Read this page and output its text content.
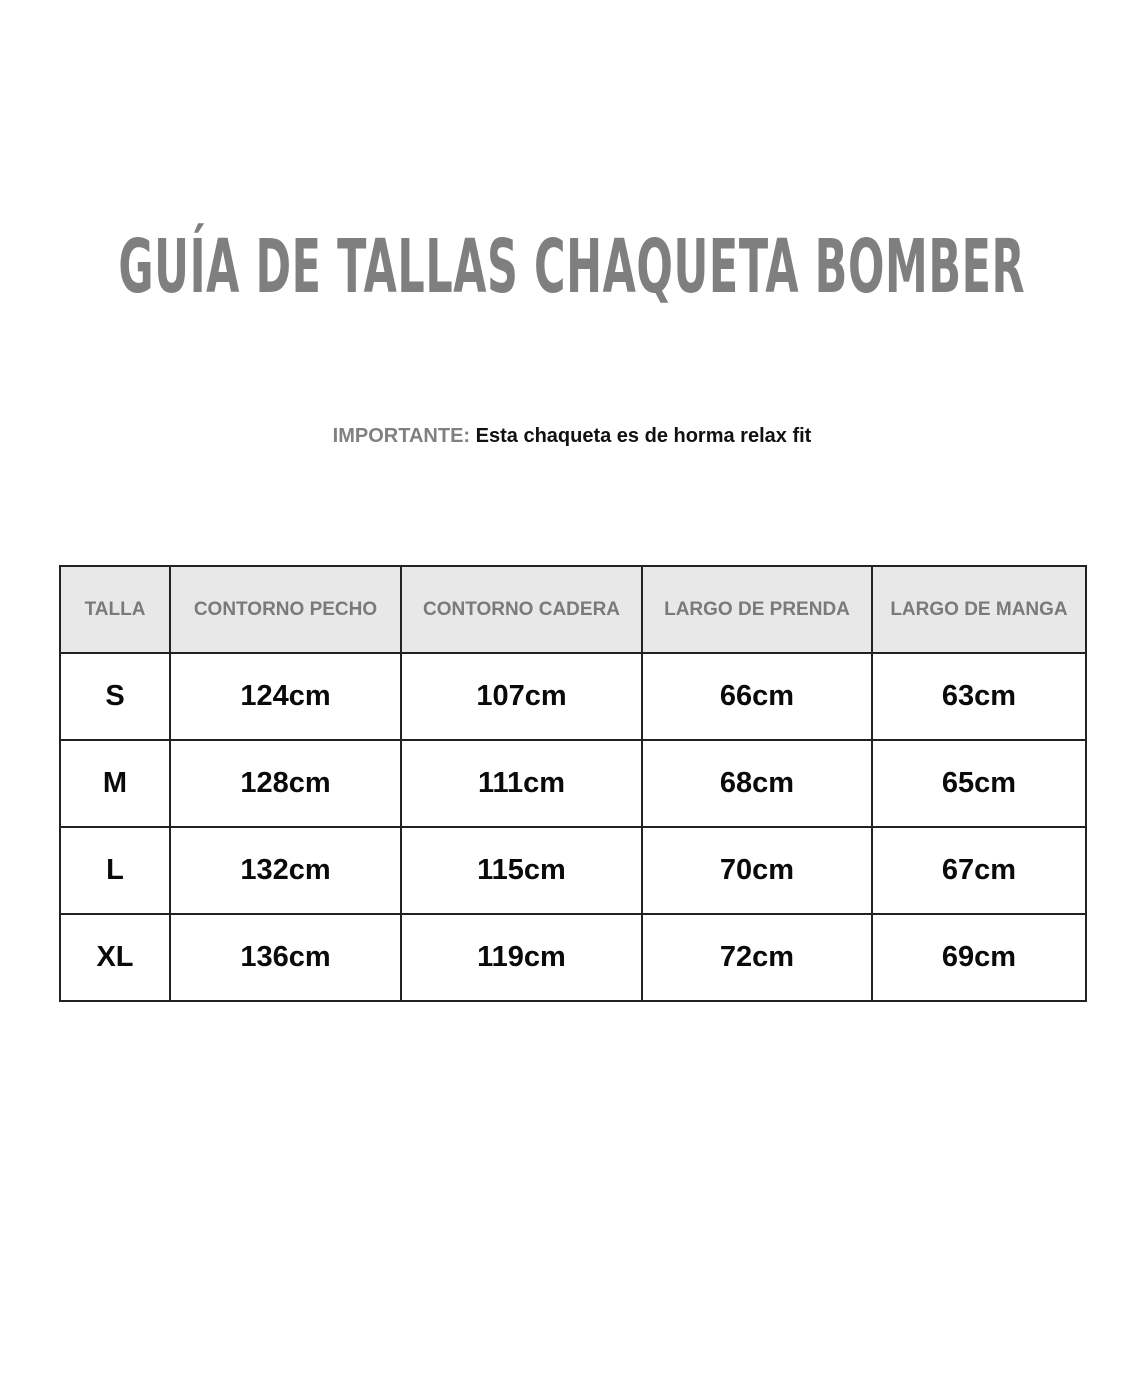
GUÍA DE TALLAS CHAQUETA BOMBER
IMPORTANTE: Esta chaqueta es de horma relax fit
TALLA	CONTORNO PECHO	CONTORNO CADERA	LARGO DE PRENDA	LARGO DE MANGA
S	124cm	107cm	66cm	63cm
M	128cm	111cm	68cm	65cm
L	132cm	115cm	70cm	67cm
XL	136cm	119cm	72cm	69cm
